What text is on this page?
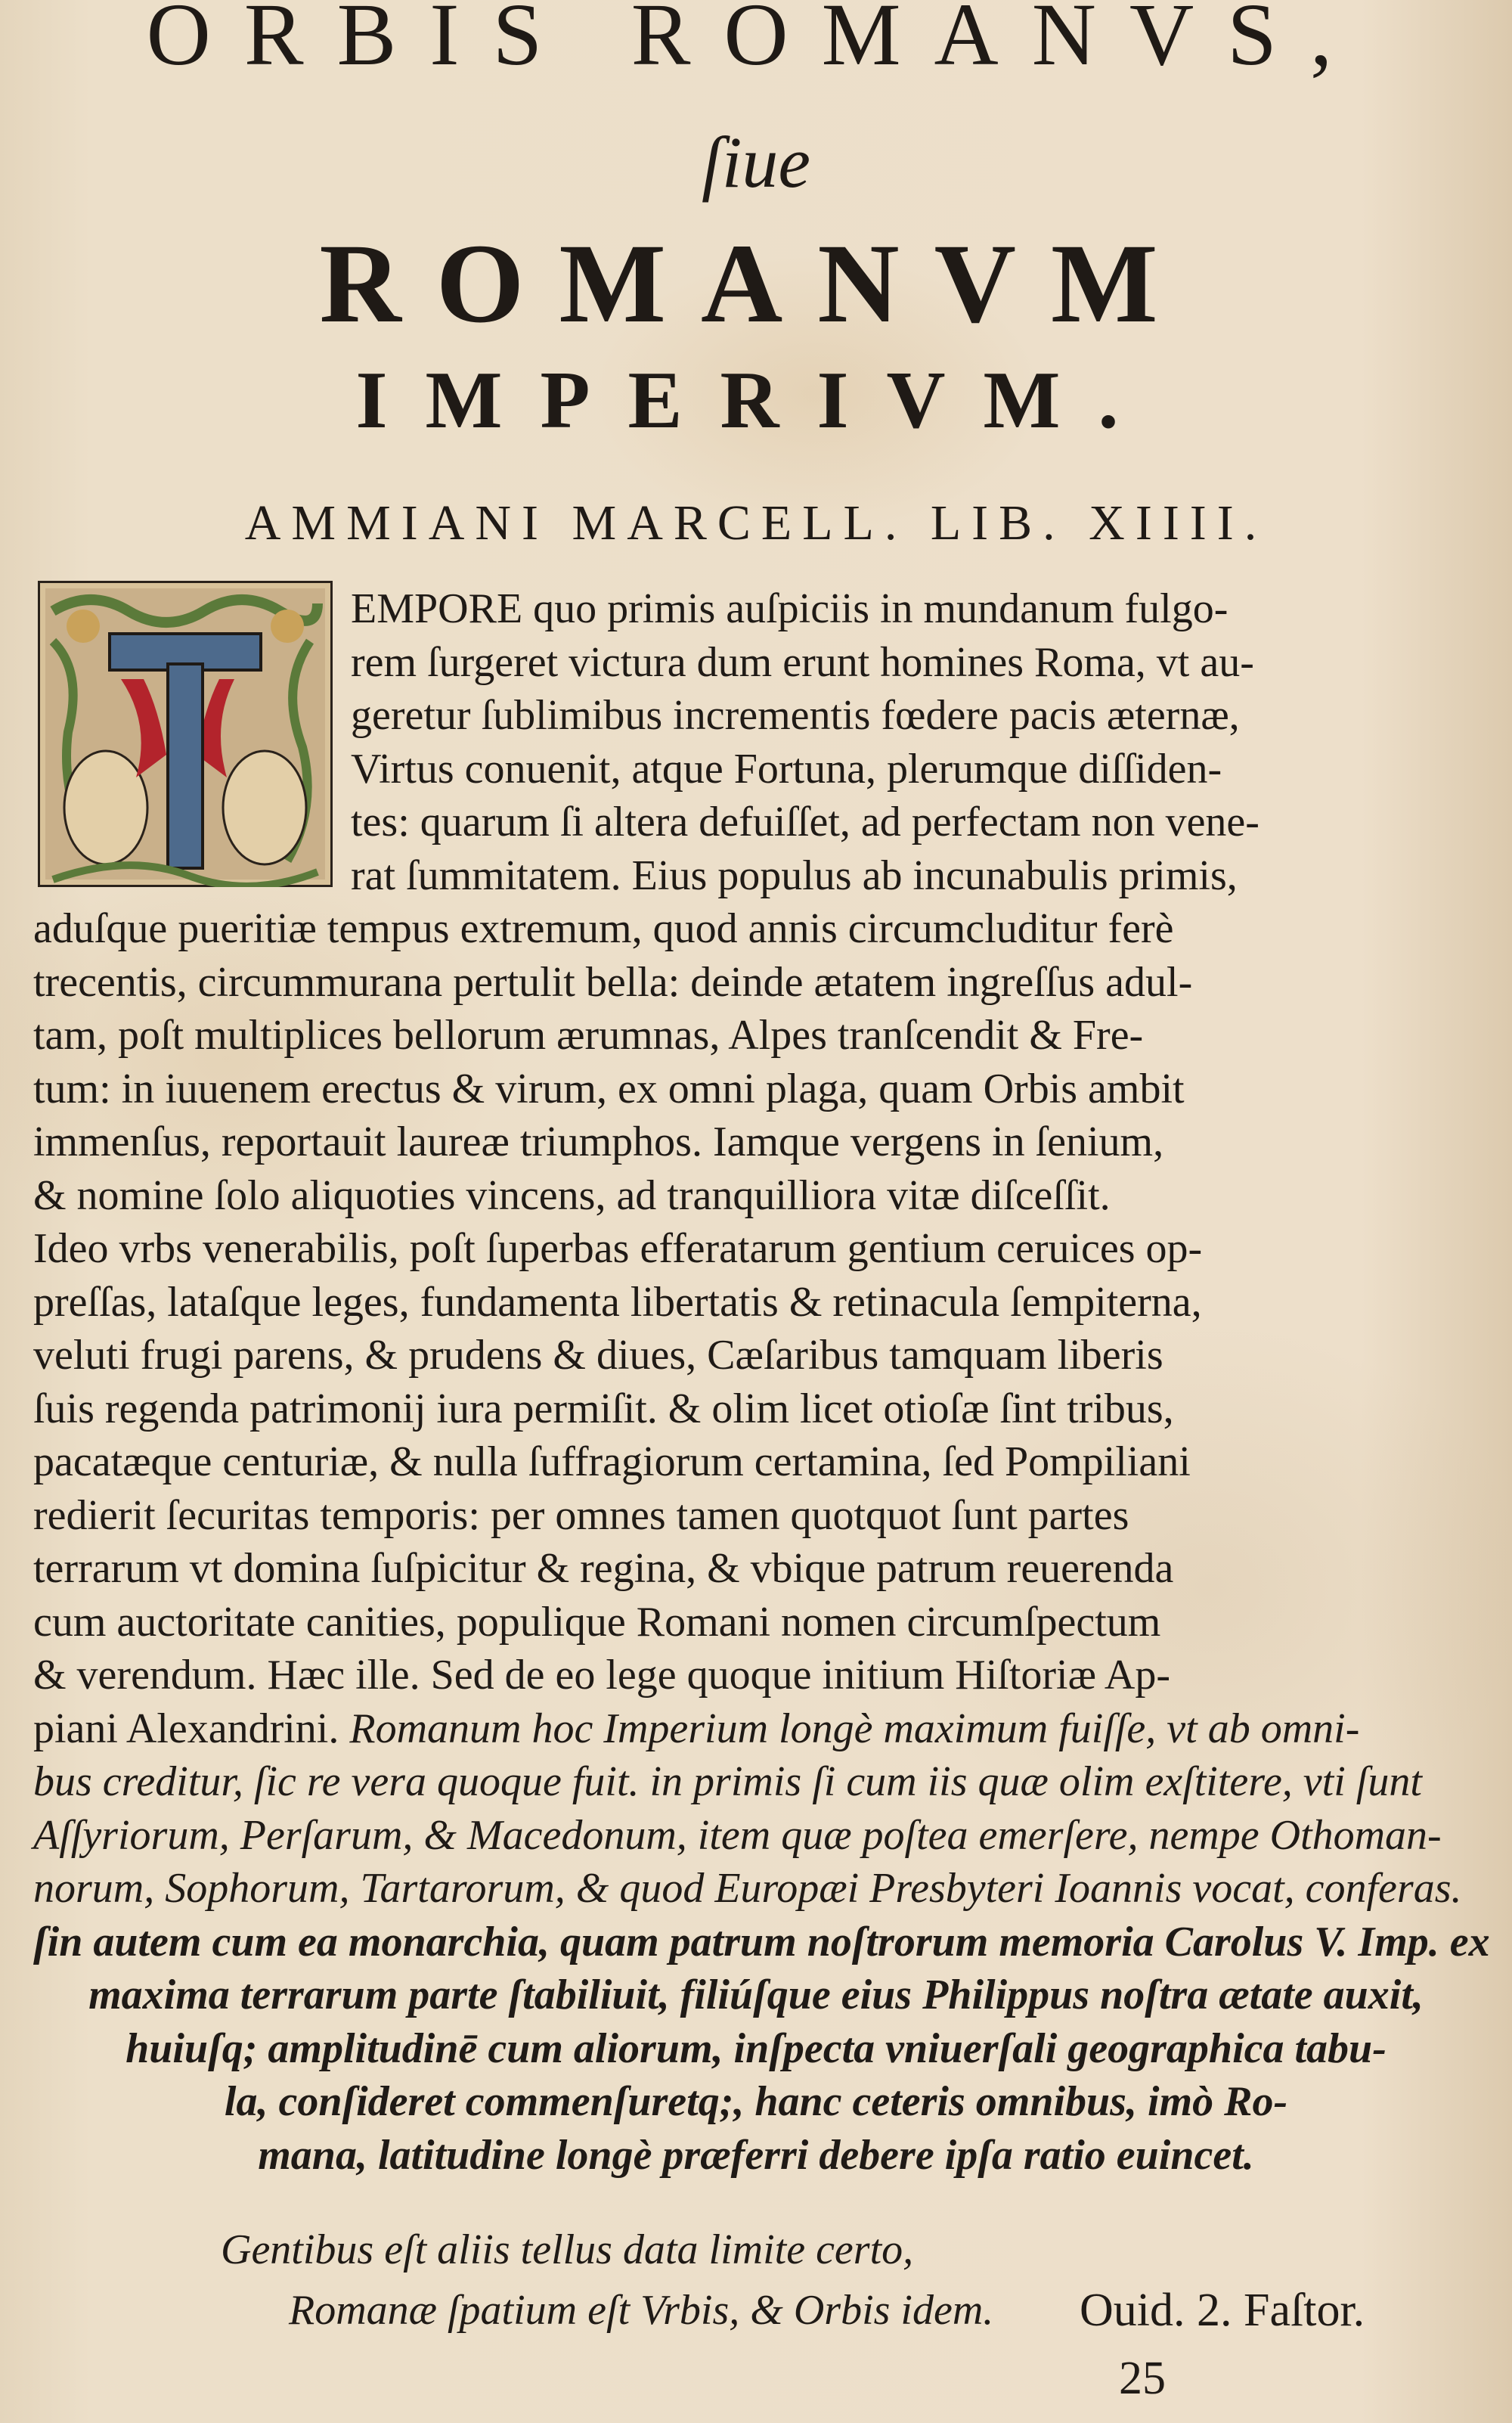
ORBIS ROMANVS,
ſiue
ROMANVM
IMPERIVM.
AMMIANI MARCELL. LIB. XIIII.
EMPORE quo primis auſpiciis in mundanum fulgo-
rem ſurgeret victura dum erunt homines Roma, vt au-
geretur ſublimibus incrementis fœdere pacis æternæ,
Virtus conuenit, atque Fortuna, plerumque diſſiden-
tes: quarum ſi altera defuiſſet, ad perfectam non vene-
rat ſummitatem. Eius populus ab incunabulis primis,
aduſque pueritiæ tempus extremum, quod annis circumcluditur ferè
trecentis, circummurana pertulit bella: deinde ætatem ingreſſus adul-
tam, poſt multiplices bellorum ærumnas, Alpes tranſcendit & Fre-
tum: in iuuenem erectus & virum, ex omni plaga, quam Orbis ambit
immenſus, reportauit laureæ triumphos. Iamque vergens in ſenium,
& nomine ſolo aliquoties vincens, ad tranquilliora vitæ diſceſſit.
Ideo vrbs venerabilis, poſt ſuperbas efferatarum gentium ceruices op-
preſſas, lataſque leges, fundamenta libertatis & retinacula ſempiterna,
veluti frugi parens, & prudens & diues, Cæſaribus tamquam liberis
ſuis regenda patrimonij iura permiſit. & olim licet otioſæ ſint tribus,
pacatæque centuriæ, & nulla ſuffragiorum certamina, ſed Pompiliani
redierit ſecuritas temporis: per omnes tamen quotquot ſunt partes
terrarum vt domina ſuſpicitur & regina, & vbique patrum reuerenda
cum auctoritate canities, populique Romani nomen circumſpectum
& verendum. Hæc ille. Sed de eo lege quoque initium Hiſtoriæ Ap-
piani Alexandrini. Romanum hoc Imperium longè maximum fuiſſe, vt ab omni-
bus creditur, ſic re vera quoque fuit. in primis ſi cum iis quæ olim exſtitere, vti ſunt
Aſſyriorum, Perſarum, & Macedonum, item quæ poſtea emerſere, nempe Othoman-
norum, Sophorum, Tartarorum, & quod Europæi Presbyteri Ioannis vocat, conferas.
ſin autem cum ea monarchia, quam patrum noſtrorum memoria Carolus V. Imp. ex
maxima terrarum parte ſtabiliuit, filiúſque eius Philippus noſtra ætate auxit,
huiuſq; amplitudinē cum aliorum, inſpecta vniuerſali geographica tabu-
la, conſideret commenſuretq;, hanc ceteris omnibus, imò Ro-
mana, latitudine longè præferri debere ipſa ratio euincet.
Gentibus eſt aliis tellus data limite certo,
Romanæ ſpatium eſt Vrbis, & Orbis idem. Ouid. 2. Faſtor.
25
